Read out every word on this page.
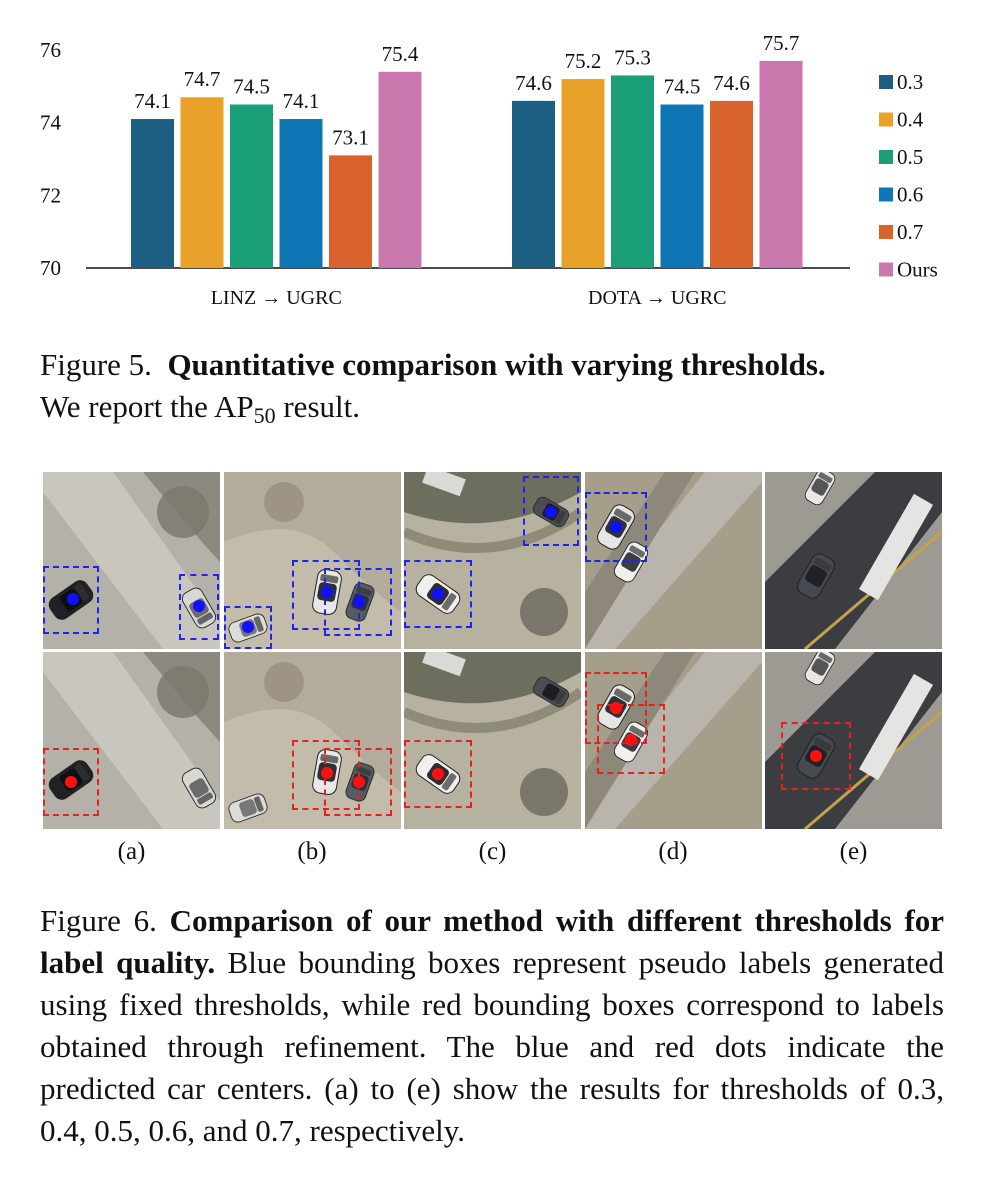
70
72
74
76
74.1
74.7 74.5
74.1
73.1
75.4
LINZ → UGRC
74.6
75.2 75.3
74.5 74.6
75.7
DOTA → UGRC
0.3
0.4
0.5
0.6
0.7
Ours

Figure 5. Quantitative comparison with varying thresholds.
We report the $AP_{50}$ result.

(a)	(b)	(c)	(d)	(e)

Figure 6. Comparison of our method with different thresholds for label quality. Blue bounding boxes represent pseudo labels generated using fixed thresholds, while red bounding boxes correspond to labels obtained through refinement. The blue and red dots indicate the predicted car centers. (a) to (e) show the results for thresholds of 0.3, 0.4, 0.5, 0.6, and 0.7, respectively.
